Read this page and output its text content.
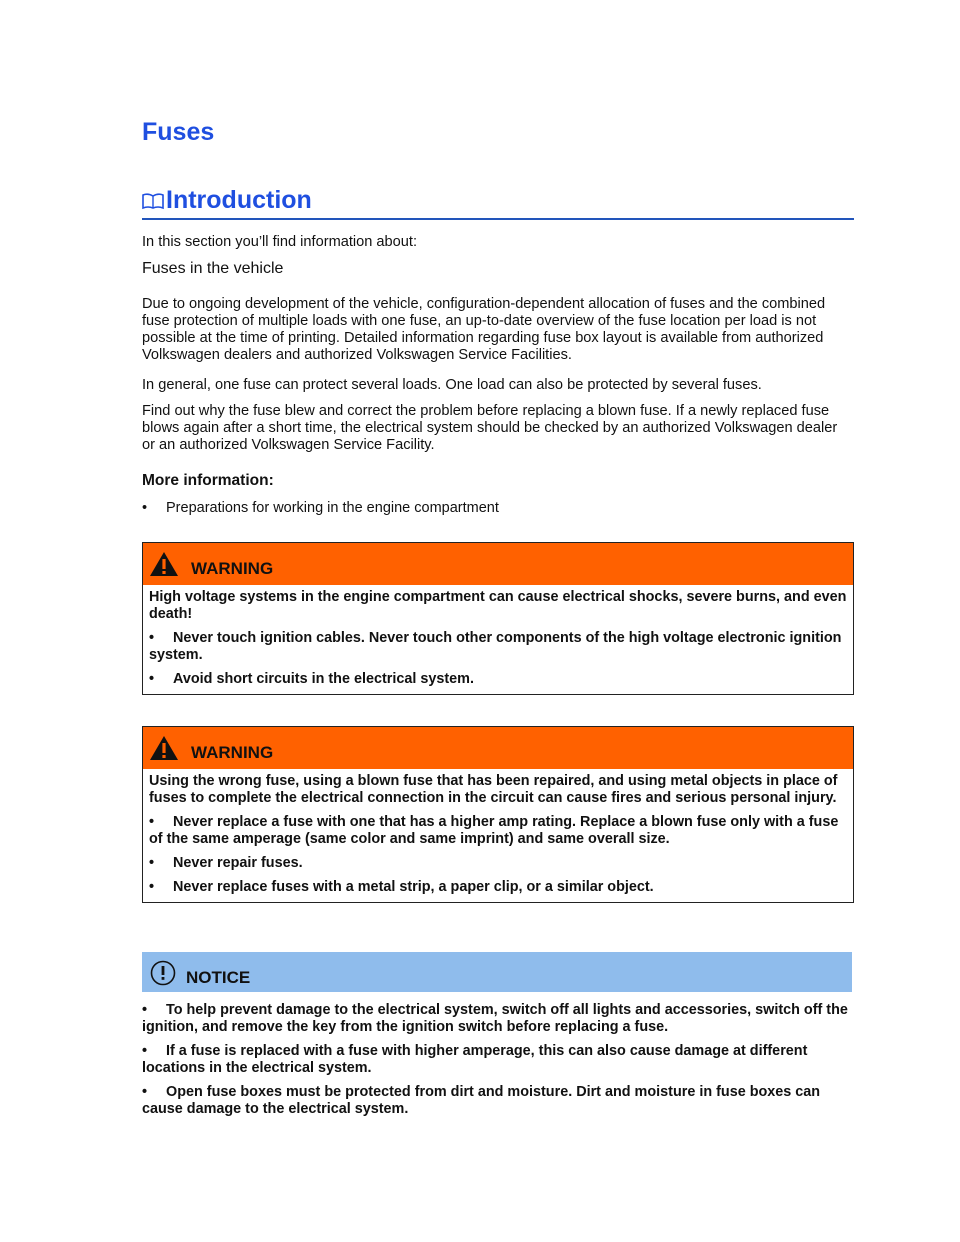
Fuses
Introduction

In this section you’ll find information about:

Fuses in the vehicle

Due to ongoing development of the vehicle, configuration-dependent allocation of fuses and the combined fuse protection of multiple loads with one fuse, an up-to-date overview of the fuse location per load is not possible at the time of printing. Detailed information regarding fuse box layout is available from authorized Volkswagen dealers and authorized Volkswagen Service Facilities.

In general, one fuse can protect several loads. One load can also be protected by several fuses.

Find out why the fuse blew and correct the problem before replacing a blown fuse. If a newly replaced fuse blows again after a short time, the electrical system should be checked by an authorized Volkswagen dealer or an authorized Volkswagen Service Facility.

More information:

• Preparations for working in the engine compartment
WARNING

High voltage systems in the engine compartment can cause electrical shocks, severe burns, and even death!

• Never touch ignition cables. Never touch other components of the high voltage electronic ignition system.
• Avoid short circuits in the electrical system.
WARNING

Using the wrong fuse, using a blown fuse that has been repaired, and using metal objects in place of fuses to complete the electrical connection in the circuit can cause fires and serious personal injury.

• Never replace a fuse with one that has a higher amp rating. Replace a blown fuse only with a fuse of the same amperage (same color and same imprint) and same overall size.
• Never repair fuses.
• Never replace fuses with a metal strip, a paper clip, or a similar object.
NOTICE
• To help prevent damage to the electrical system, switch off all lights and accessories, switch off the ignition, and remove the key from the ignition switch before replacing a fuse.
• If a fuse is replaced with a fuse with higher amperage, this can also cause damage at different locations in the electrical system.
• Open fuse boxes must be protected from dirt and moisture. Dirt and moisture in fuse boxes can cause damage to the electrical system.
